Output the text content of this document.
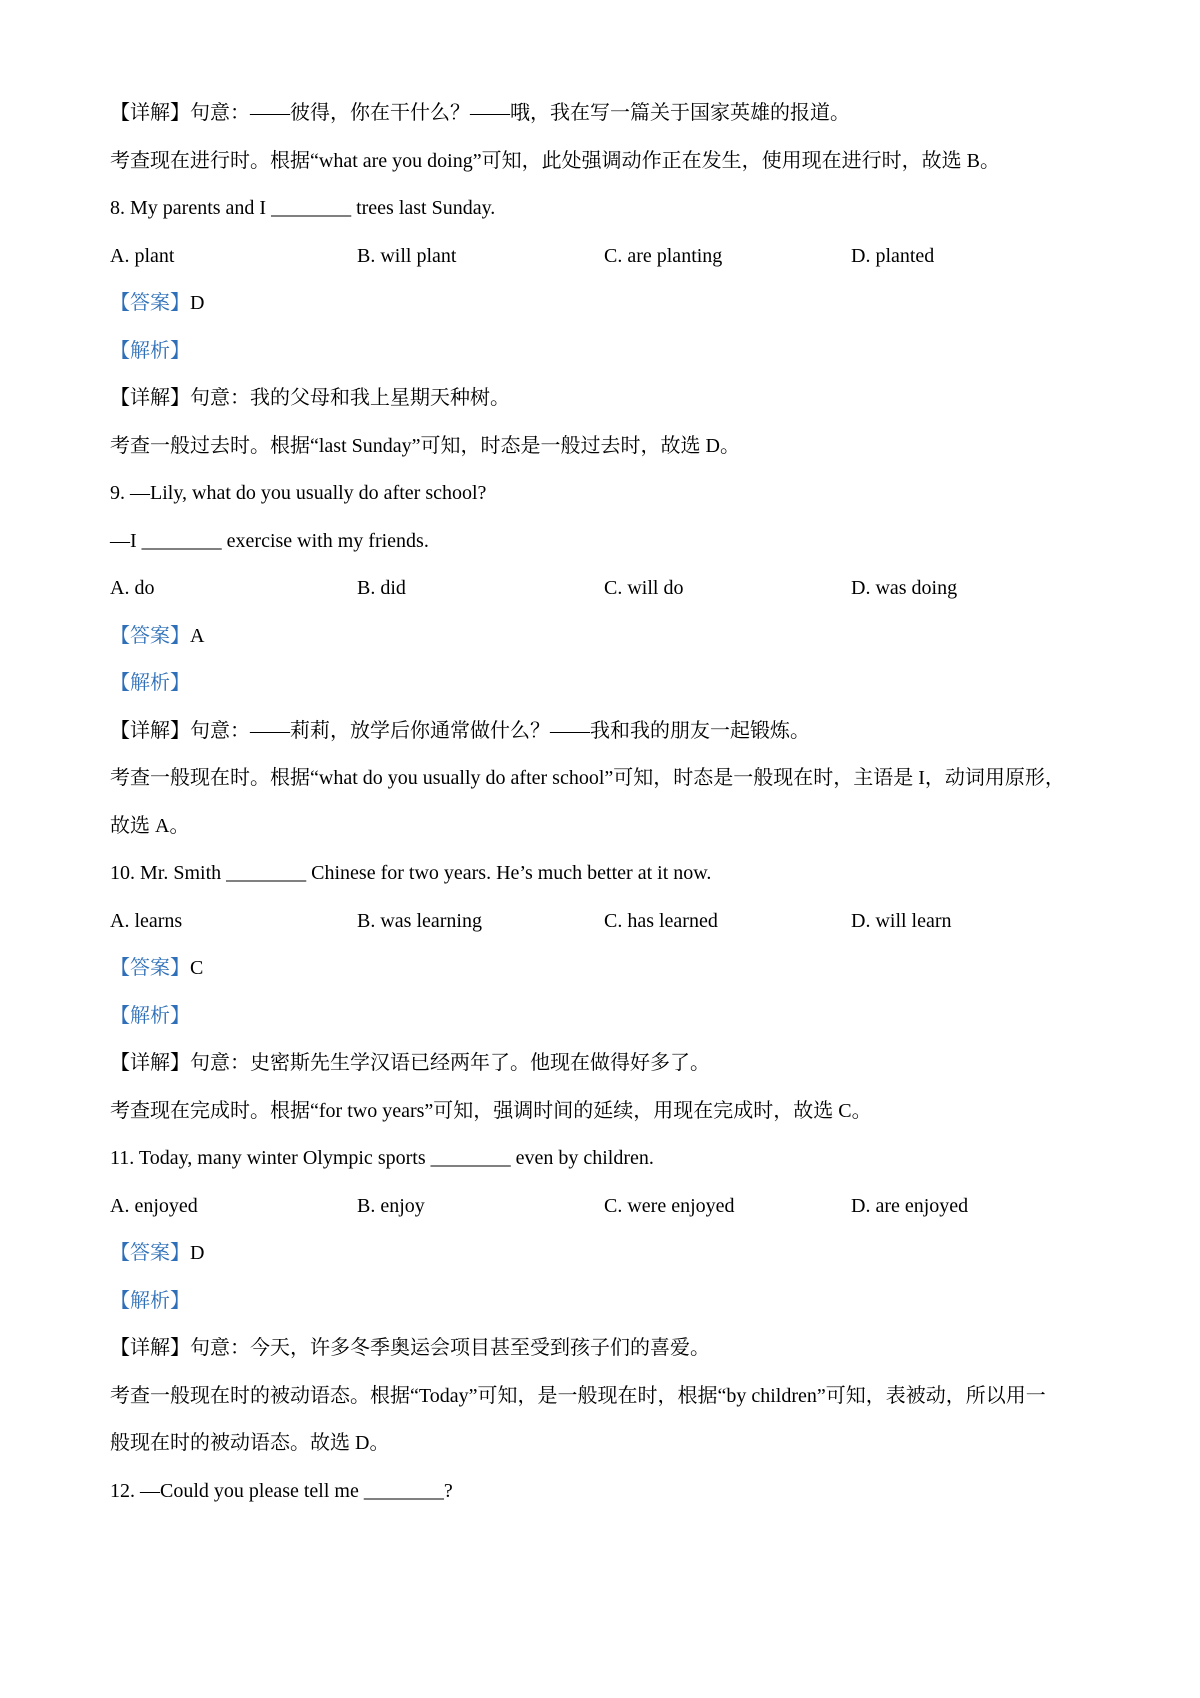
【详解】句意：——彼得，你在干什么？——哦，我在写一篇关于国家英雄的报道。
考查现在进行时。根据“what are you doing”可知，此处强调动作正在发生，使用现在进行时，故选 B。
8. My parents and I ________ trees last Sunday.
A. plant	B. will plant	C. are planting	D. planted
【答案】D
【解析】
【详解】句意：我的父母和我上星期天种树。
考查一般过去时。根据“last Sunday”可知，时态是一般过去时，故选 D。
9. —Lily, what do you usually do after school?
—I ________ exercise with my friends.
A. do	B. did	C. will do	D. was doing
【答案】A
【解析】
【详解】句意：——莉莉，放学后你通常做什么？——我和我的朋友一起锻炼。
考查一般现在时。根据“what do you usually do after school”可知，时态是一般现在时，主语是 I，动词用原形，
故选 A。
10. Mr. Smith ________ Chinese for two years. He’s much better at it now.
A. learns	B. was learning	C. has learned	D. will learn
【答案】C
【解析】
【详解】句意：史密斯先生学汉语已经两年了。他现在做得好多了。
考查现在完成时。根据“for two years”可知，强调时间的延续，用现在完成时，故选 C。
11. Today, many winter Olympic sports ________ even by children.
A. enjoyed	B. enjoy	C. were enjoyed	D. are enjoyed
【答案】D
【解析】
【详解】句意：今天，许多冬季奥运会项目甚至受到孩子们的喜爱。
考查一般现在时的被动语态。根据“Today”可知，是一般现在时，根据“by children”可知，表被动，所以用一
般现在时的被动语态。故选 D。
12. —Could you please tell me ________?
